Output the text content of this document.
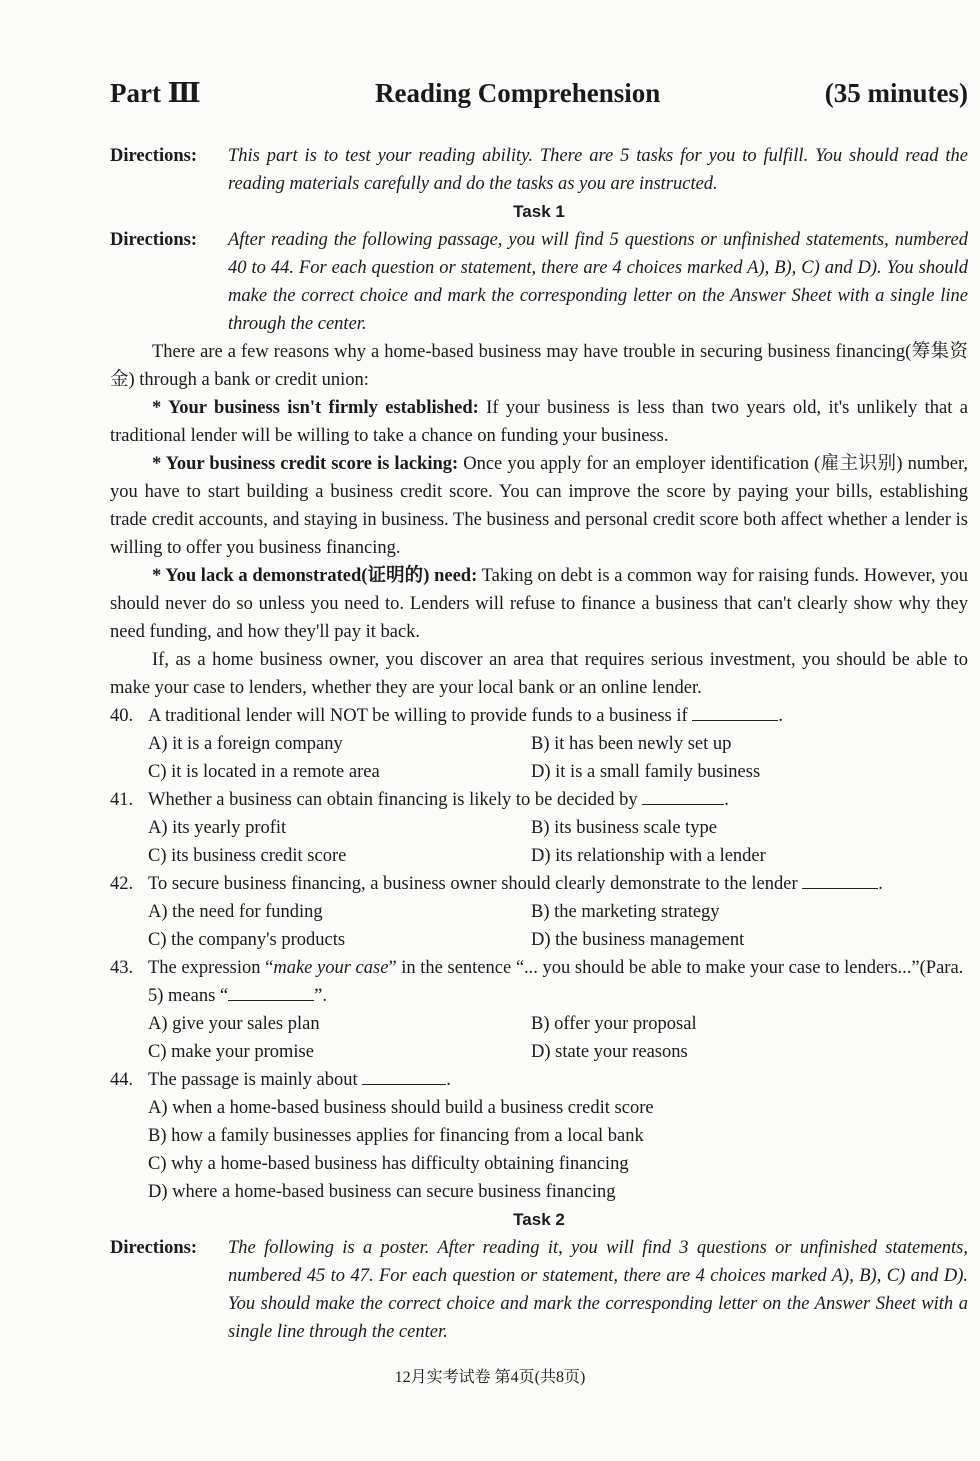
Part Ⅲ	Reading Comprehension	(35 minutes)
Directions:	This part is to test your reading ability. There are 5 tasks for you to fulfill. You should read the reading materials carefully and do the tasks as you are instructed.
Task 1
Directions:	After reading the following passage, you will find 5 questions or unfinished statements, numbered 40 to 44. For each question or statement, there are 4 choices marked A), B), C) and D). You should make the correct choice and mark the corresponding letter on the Answer Sheet with a single line through the center.
There are a few reasons why a home-based business may have trouble in securing business financing(筹集资金) through a bank or credit union:
* Your business isn't firmly established: If your business is less than two years old, it's unlikely that a traditional lender will be willing to take a chance on funding your business.
* Your business credit score is lacking: Once you apply for an employer identification (雇主识别) number, you have to start building a business credit score. You can improve the score by paying your bills, establishing trade credit accounts, and staying in business. The business and personal credit score both affect whether a lender is willing to offer you business financing.
* You lack a demonstrated(证明的) need: Taking on debt is a common way for raising funds. However, you should never do so unless you need to. Lenders will refuse to finance a business that can't clearly show why they need funding, and how they'll pay it back.
If, as a home business owner, you discover an area that requires serious investment, you should be able to make your case to lenders, whether they are your local bank or an online lender.
40. A traditional lender will NOT be willing to provide funds to a business if	.
A) it is a foreign company	B) it has been newly set up
C) it is located in a remote area	D) it is a small family business
41. Whether a business can obtain financing is likely to be decided by	.
A) its yearly profit	B) its business scale type
C) its business credit score	D) its relationship with a lender
42. To secure business financing, a business owner should clearly demonstrate to the lender	.
A) the need for funding	B) the marketing strategy
C) the company's products	D) the business management
43. The expression “make your case” in the sentence “... you should be able to make your case to lenders...”(Para. 5) means “	”.
A) give your sales plan	B) offer your proposal
C) make your promise	D) state your reasons
44. The passage is mainly about	.
A) when a home-based business should build a business credit score
B) how a family businesses applies for financing from a local bank
C) why a home-based business has difficulty obtaining financing
D) where a home-based business can secure business financing
Task 2
Directions:	The following is a poster. After reading it, you will find 3 questions or unfinished statements, numbered 45 to 47. For each question or statement, there are 4 choices marked A), B), C) and D). You should make the correct choice and mark the corresponding letter on the Answer Sheet with a single line through the center.
12月实考试卷 第4页(共8页)
